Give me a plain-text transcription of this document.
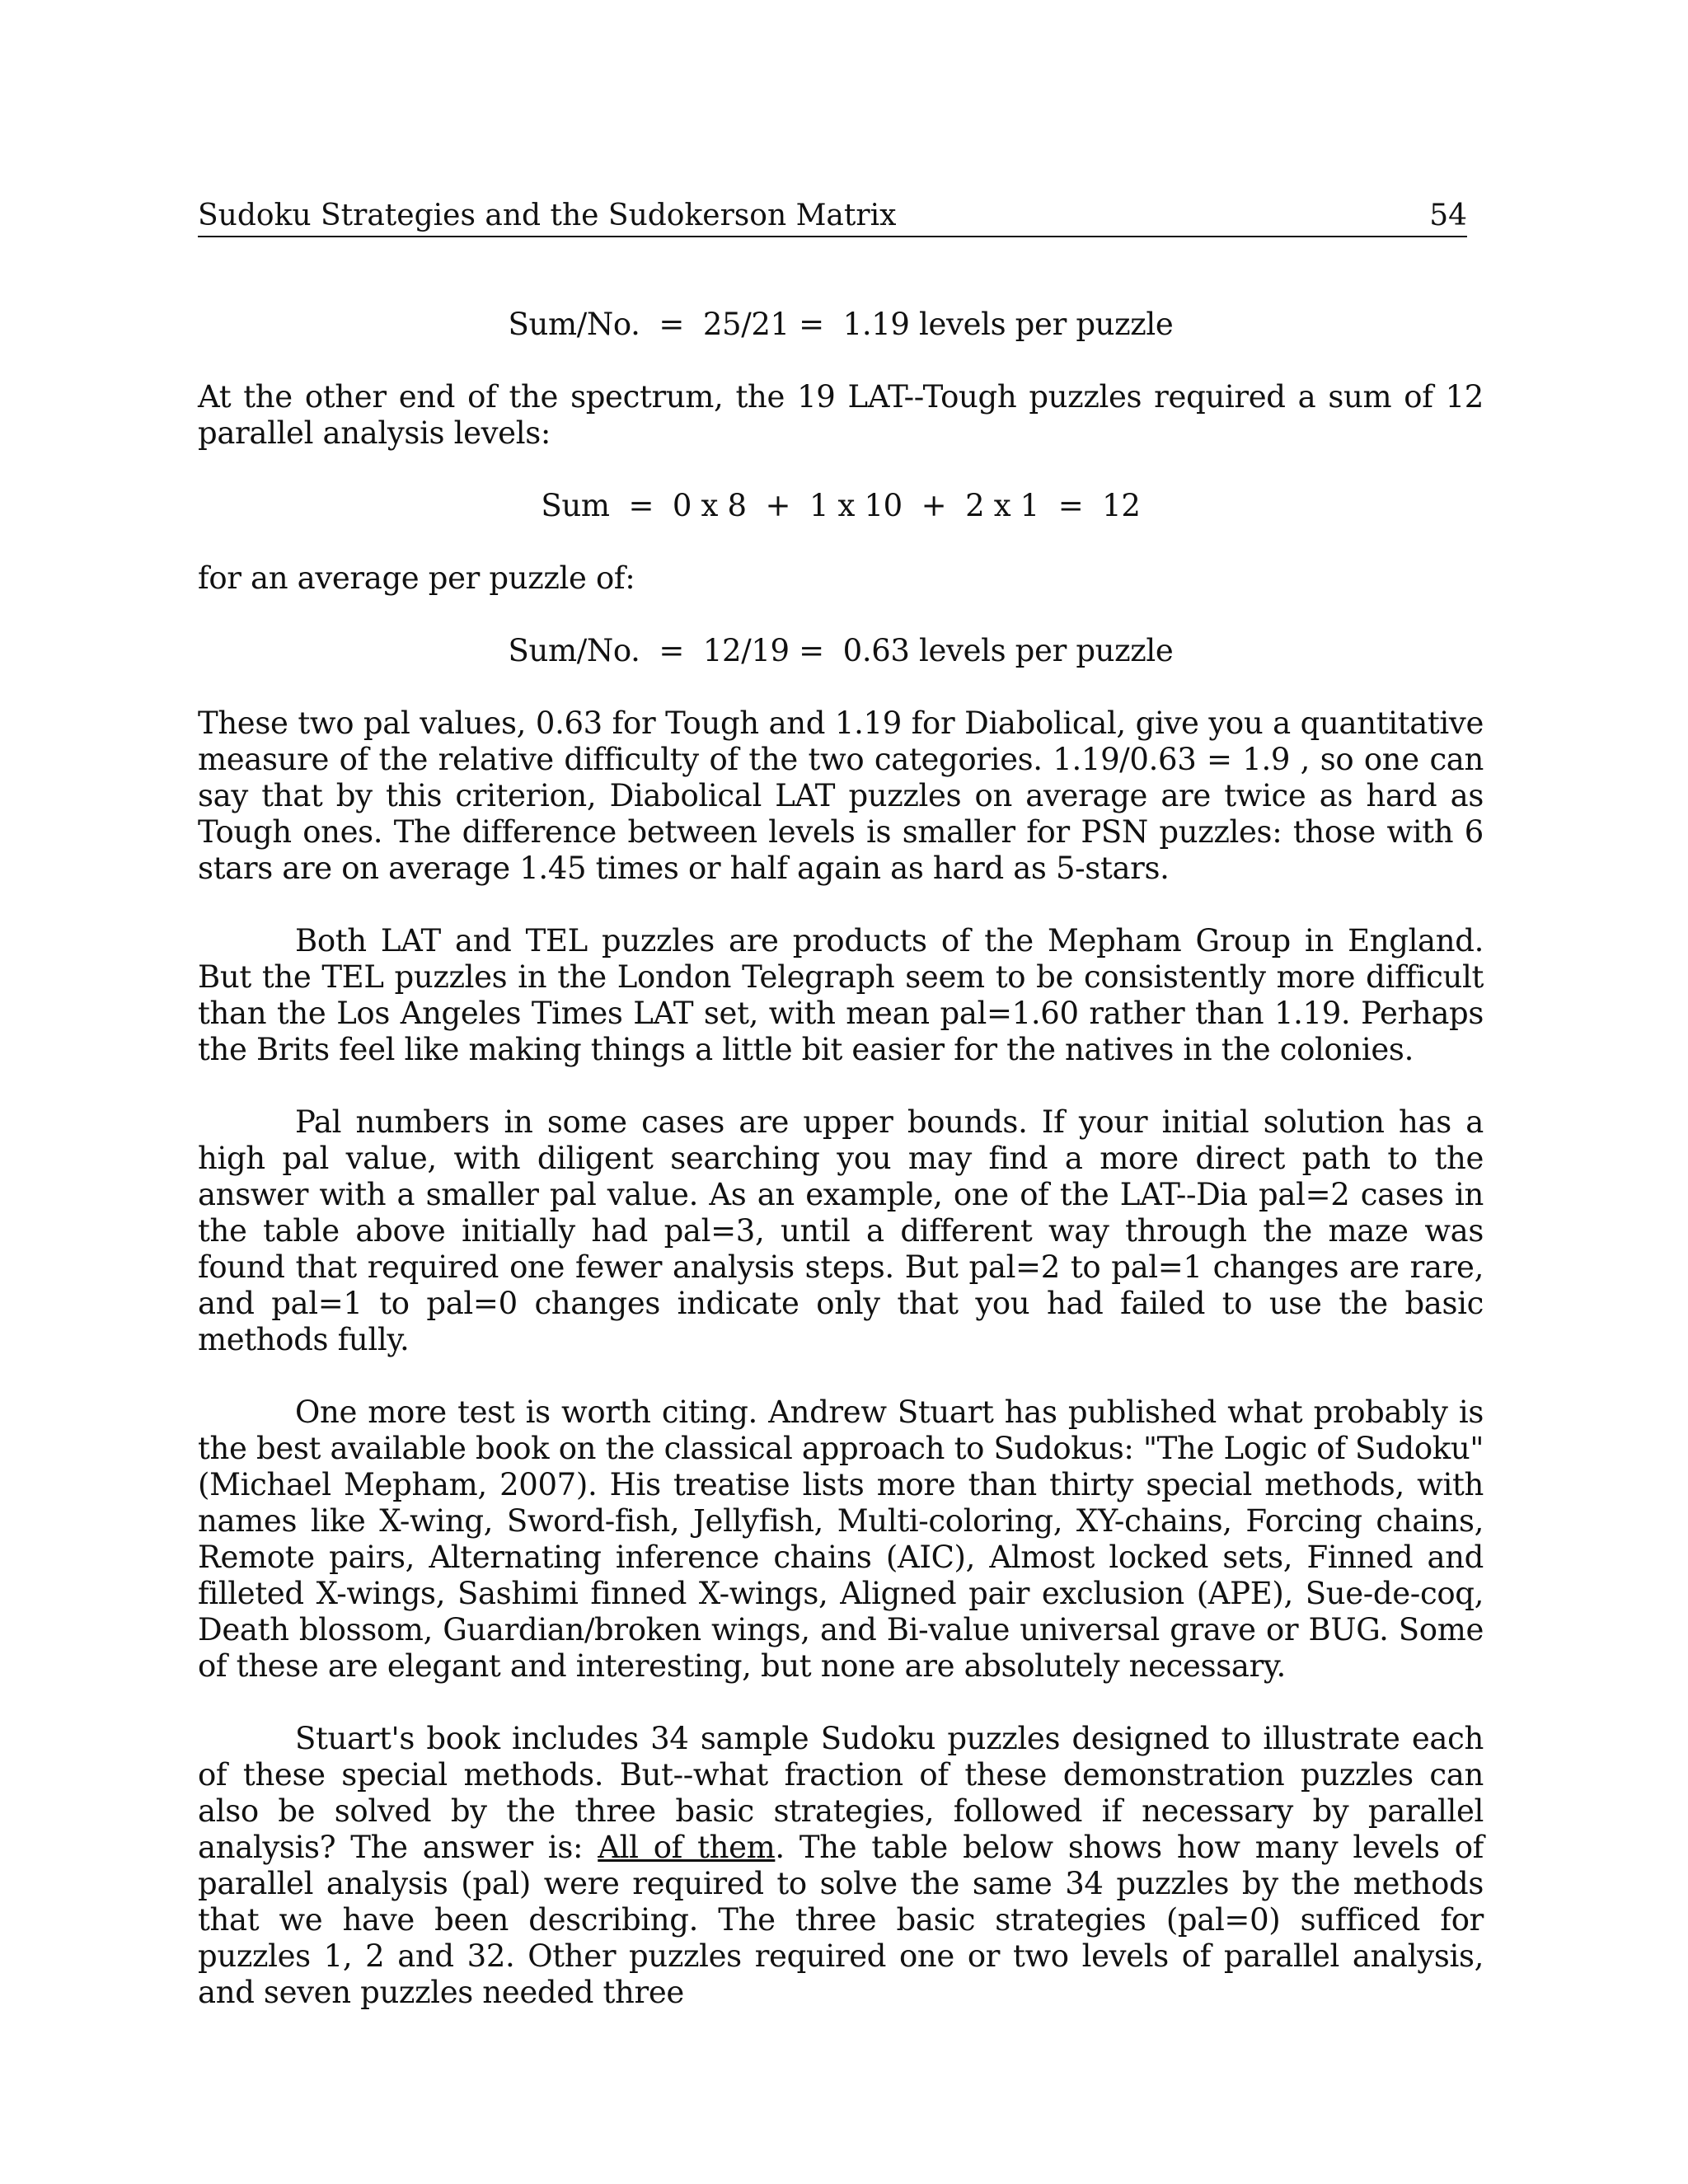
Sudoku Strategies and the Sudokerson Matrix	54

Sum/No.  =  25/21 =  1.19 levels per puzzle

At the other end of the spectrum, the 19 LAT--Tough puzzles required a sum of 12 parallel analysis levels:

Sum  =  0 x 8  +  1 x 10  +  2 x 1  =  12

for an average per puzzle of:

Sum/No.  =  12/19 =  0.63 levels per puzzle

These two pal values, 0.63 for Tough and 1.19 for Diabolical, give you a quantitative measure of the relative difficulty of the two categories. 1.19/0.63 = 1.9 , so one can say that by this criterion, Diabolical LAT puzzles on average are twice as hard as Tough ones. The difference between levels is smaller for PSN puzzles: those with 6 stars are on average 1.45 times or half again as hard as 5-stars.

Both LAT and TEL puzzles are products of the Mepham Group in England. But the TEL puzzles in the London Telegraph seem to be consistently more difficult than the Los Angeles Times LAT set, with mean pal=1.60 rather than 1.19. Perhaps the Brits feel like making things a little bit easier for the natives in the colonies.

Pal numbers in some cases are upper bounds. If your initial solution has a high pal value, with diligent searching you may find a more direct path to the answer with a smaller pal value. As an example, one of the LAT--Dia pal=2 cases in the table above initially had pal=3, until a different way through the maze was found that required one fewer analysis steps. But pal=2 to pal=1 changes are rare, and pal=1 to pal=0 changes indicate only that you had failed to use the basic methods fully.

One more test is worth citing. Andrew Stuart has published what probably is the best available book on the classical approach to Sudokus: "The Logic of Sudoku" (Michael Mepham, 2007). His treatise lists more than thirty special methods, with names like X-wing, Sword-fish, Jellyfish, Multi-coloring, XY-chains, Forcing chains, Remote pairs, Alternating inference chains (AIC), Almost locked sets, Finned and filleted X-wings, Sashimi finned X-wings, Aligned pair exclusion (APE), Sue-de-coq, Death blossom, Guardian/broken wings, and Bi-value universal grave or BUG. Some of these are elegant and interesting, but none are absolutely necessary.

Stuart's book includes 34 sample Sudoku puzzles designed to illustrate each of these special methods. But--what fraction of these demonstration puzzles can also be solved by the three basic strategies, followed if necessary by parallel analysis? The answer is: All of them. The table below shows how many levels of parallel analysis (pal) were required to solve the same 34 puzzles by the methods that we have been describing. The three basic strategies (pal=0) sufficed for puzzles 1, 2 and 32. Other puzzles required one or two levels of parallel analysis, and seven puzzles needed three
